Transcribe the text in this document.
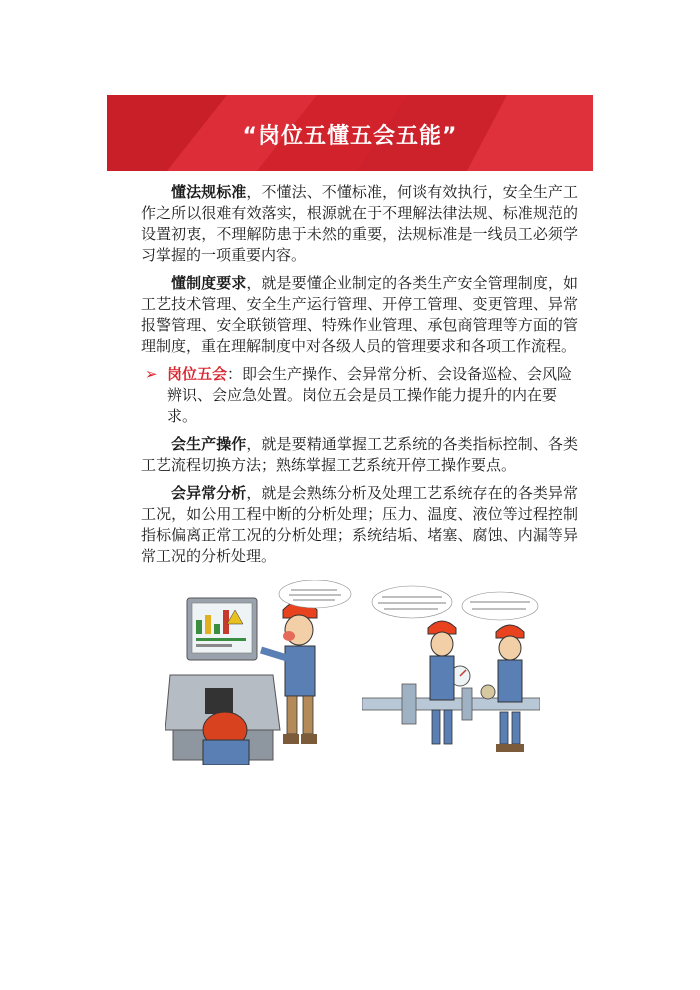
“岗位五懂五会五能”

懂法规标准，不懂法、不懂标准，何谈有效执行，安全生产工作之所以很难有效落实，根源就在于不理解法律法规、标准规范的设置初衷，不理解防患于未然的重要，法规标准是一线员工必须学习掌握的一项重要内容。

懂制度要求，就是要懂企业制定的各类生产安全管理制度，如工艺技术管理、安全生产运行管理、开停工管理、变更管理、异常报警管理、安全联锁管理、特殊作业管理、承包商管理等方面的管理制度，重在理解制度中对各级人员的管理要求和各项工作流程。

➢ 岗位五会：即会生产操作、会异常分析、会设备巡检、会风险辨识、会应急处置。岗位五会是员工操作能力提升的内在要求。

会生产操作，就是要精通掌握工艺系统的各类指标控制、各类工艺流程切换方法；熟练掌握工艺系统开停工操作要点。

会异常分析，就是会熟练分析及处理工艺系统存在的各类异常工况，如公用工程中断的分析处理；压力、温度、液位等过程控制指标偏离正常工况的分析处理；系统结垢、堵塞、腐蚀、内漏等异常工况的分析处理。
